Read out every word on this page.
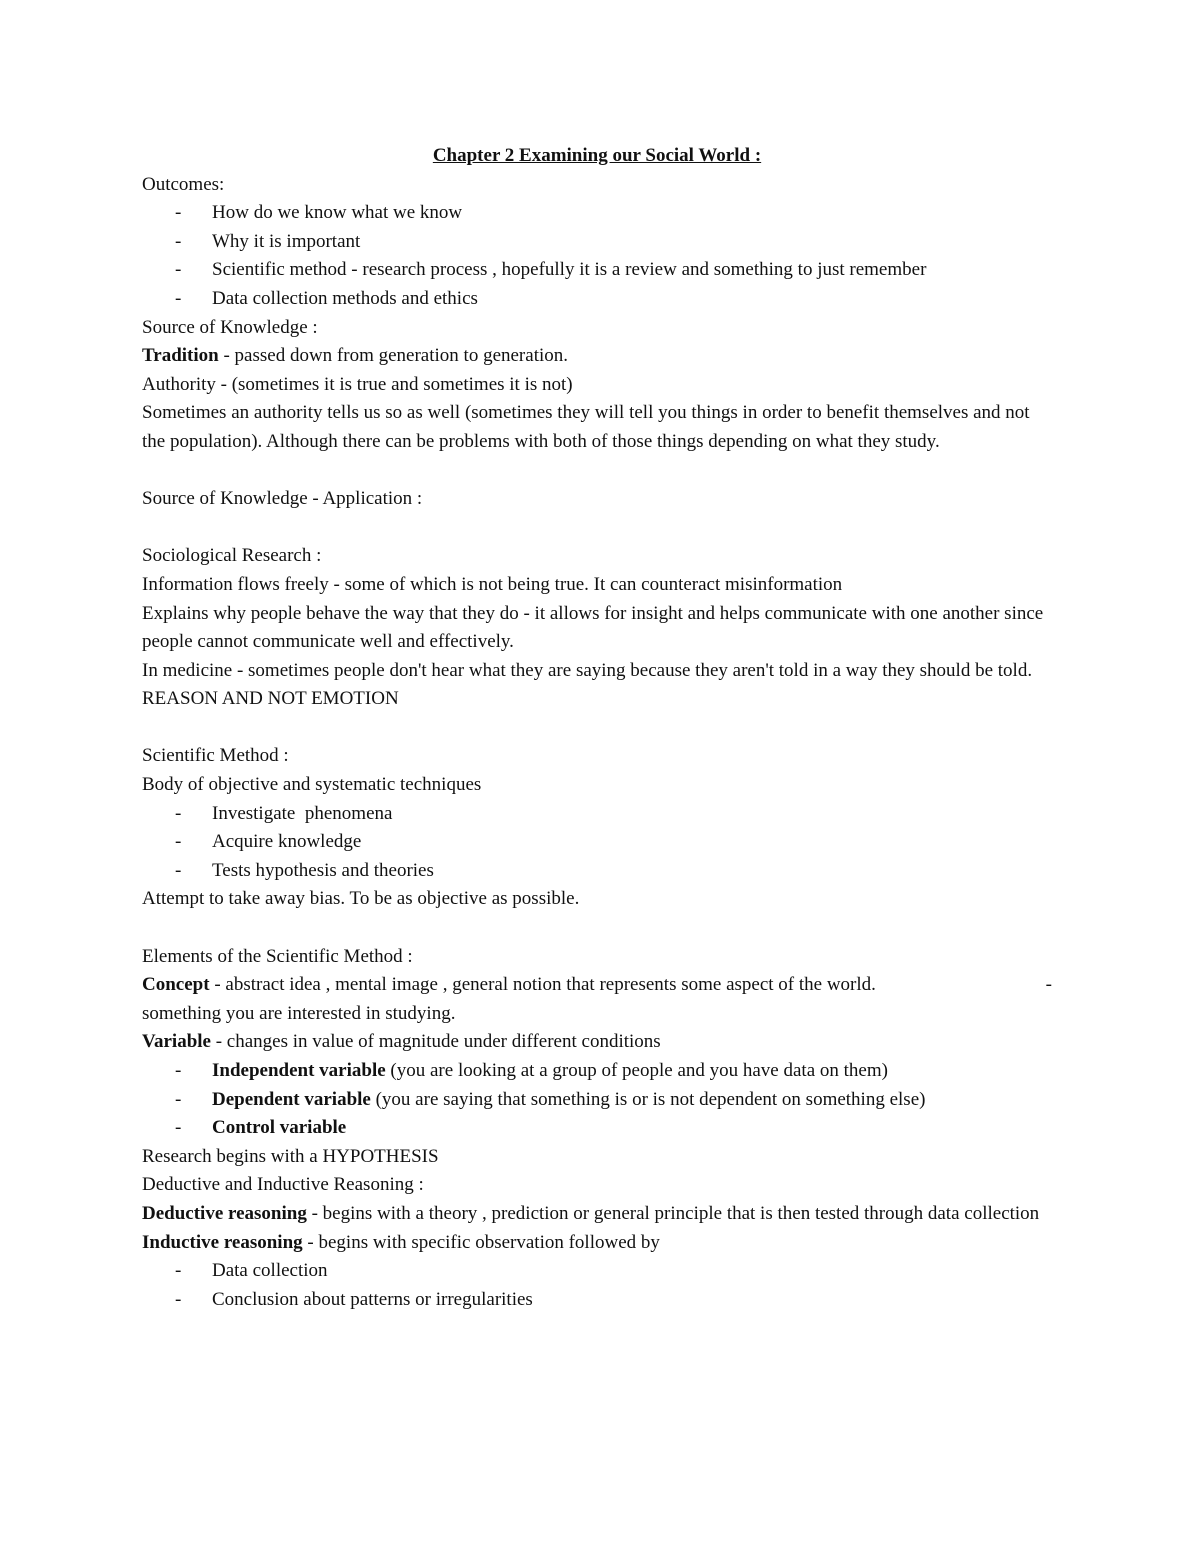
Chapter 2 Examining our Social World :

Outcomes:

- How do we know what we know
- Why it is important
- Scientific method - research process , hopefully it is a review and something to just remember
- Data collection methods and ethics

Source of Knowledge :

Tradition - passed down from generation to generation.

Authority - (sometimes it is true and sometimes it is not)

Sometimes an authority tells us so as well (sometimes they will tell you things in order to benefit themselves and not the population). Although there can be problems with both of those things depending on what they study.

Source of Knowledge - Application :

Sociological Research :

Information flows freely - some of which is not being true. It can counteract misinformation

Explains why people behave the way that they do - it allows for insight and helps communicate with one another since people cannot communicate well and effectively.

In medicine - sometimes people don't hear what they are saying because they aren't told in a way they should be told.

REASON AND NOT EMOTION

Scientific Method :

Body of objective and systematic techniques

- Investigate  phenomena
- Acquire knowledge
- Tests hypothesis and theories

Attempt to take away bias. To be as objective as possible.

Elements of the Scientific Method :

Concept - abstract idea , mental image , general notion that represents some aspect of the world.	-

something you are interested in studying.

Variable - changes in value of magnitude under different conditions

- Independent variable (you are looking at a group of people and you have data on them)
- Dependent variable (you are saying that something is or is not dependent on something else)
- Control variable

Research begins with a HYPOTHESIS

Deductive and Inductive Reasoning :

Deductive reasoning - begins with a theory , prediction or general principle that is then tested through data collection

Inductive reasoning - begins with specific observation followed by

- Data collection
- Conclusion about patterns or irregularities
